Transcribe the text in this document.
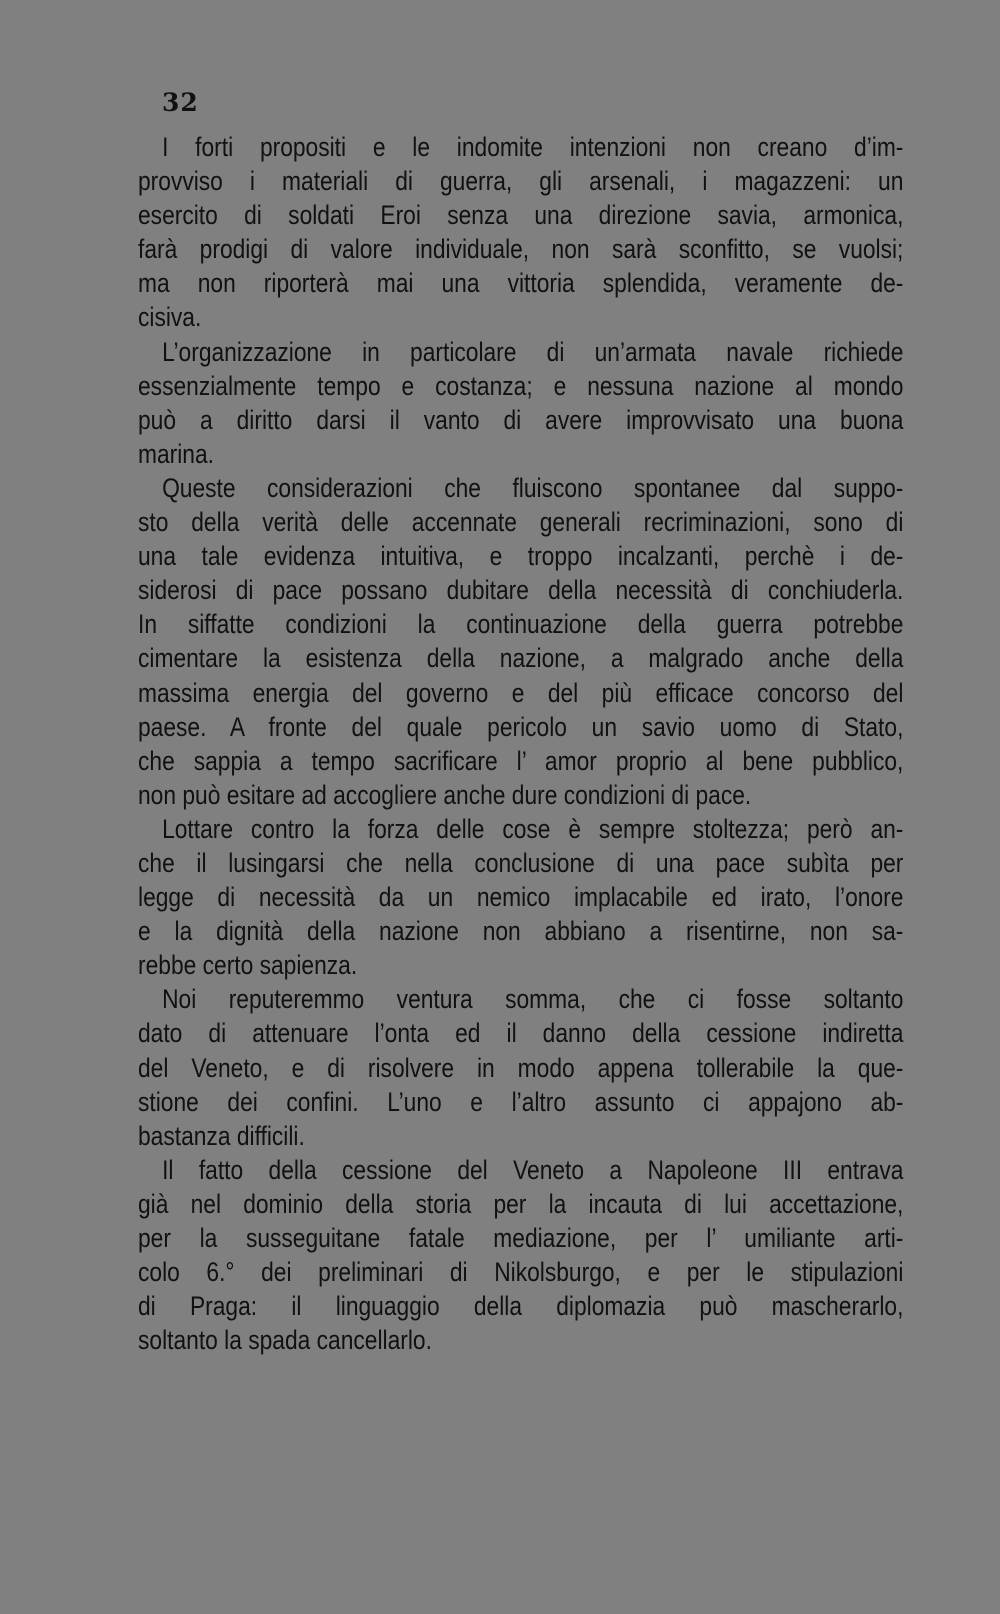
32
I forti propositi e le indomite intenzioni non creano d’im-
provviso i materiali di guerra, gli arsenali, i magazzeni: un
esercito di soldati Eroi senza una direzione savia, armonica,
farà prodigi di valore individuale, non sarà sconfitto, se vuolsi;
ma non riporterà mai una vittoria splendida, veramente de-
cisiva.
L’organizzazione in particolare di un’armata navale richiede
essenzialmente tempo e costanza; e nessuna nazione al mondo
può a diritto darsi il vanto di avere improvvisato una buona
marina.
Queste considerazioni che fluiscono spontanee dal suppo-
sto della verità delle accennate generali recriminazioni, sono di
una tale evidenza intuitiva, e troppo incalzanti, perchè i de-
siderosi di pace possano dubitare della necessità di conchiuderla.
In siffatte condizioni la continuazione della guerra potrebbe
cimentare la esistenza della nazione, a malgrado anche della
massima energia del governo e del più efficace concorso del
paese. A fronte del quale pericolo un savio uomo di Stato,
che sappia a tempo sacrificare l’ amor proprio al bene pubblico,
non può esitare ad accogliere anche dure condizioni di pace.
Lottare contro la forza delle cose è sempre stoltezza; però an-
che il lusingarsi che nella conclusione di una pace subìta per
legge di necessità da un nemico implacabile ed irato, l’onore
e la dignità della nazione non abbiano a risentirne, non sa-
rebbe certo sapienza.
Noi reputeremmo ventura somma, che ci fosse soltanto
dato di attenuare l’onta ed il danno della cessione indiretta
del Veneto, e di risolvere in modo appena tollerabile la que-
stione dei confini. L’uno e l’altro assunto ci appajono ab-
bastanza difficili.
Il fatto della cessione del Veneto a Napoleone III entrava
già nel dominio della storia per la incauta di lui accettazione,
per la susseguitane fatale mediazione, per l’ umiliante arti-
colo 6.° dei preliminari di Nikolsburgo, e per le stipulazioni
di Praga: il linguaggio della diplomazia può mascherarlo,
soltanto la spada cancellarlo.
